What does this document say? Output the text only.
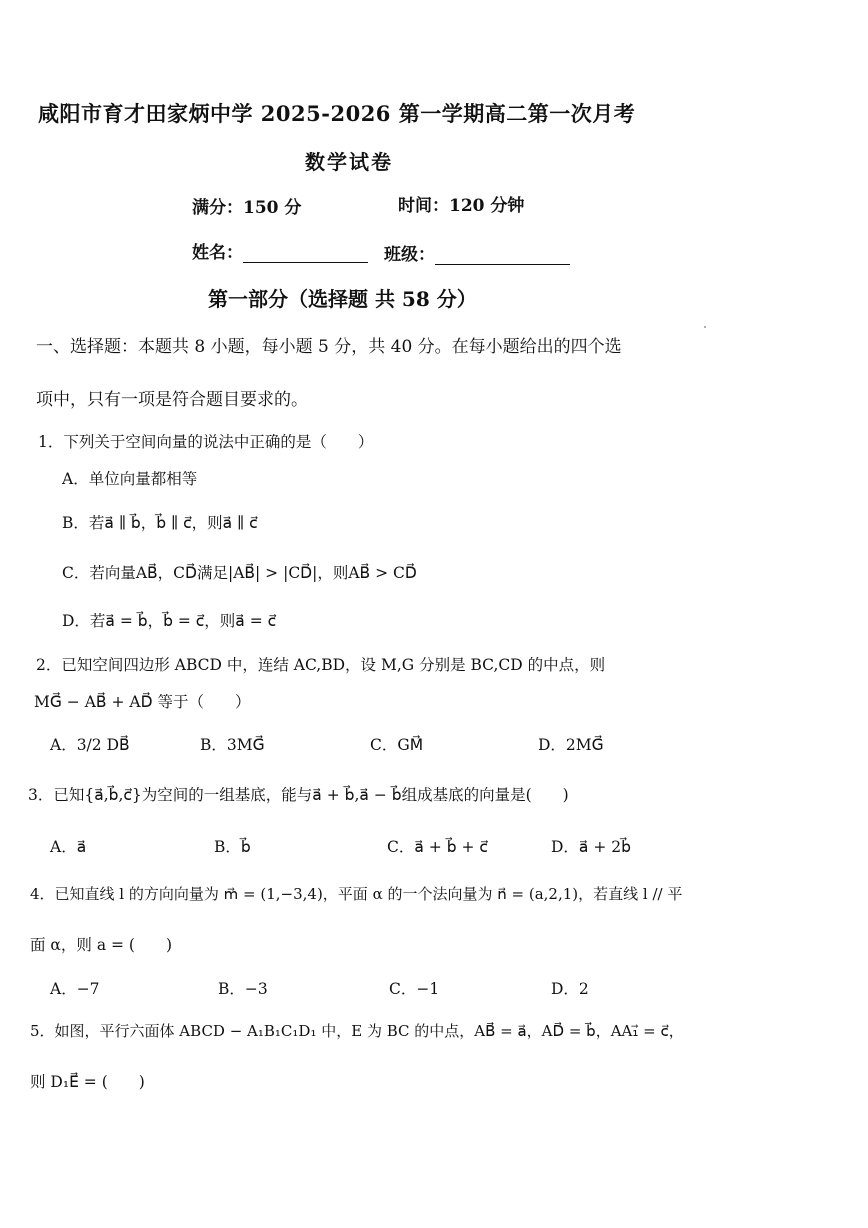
咸阳市育才田家炳中学 2025-2026 第一学期高二第一次月考
数学试卷
满分：150 分	时间：120 分钟
姓名：	班级：
第一部分（选择题 共 58 分）
一、选择题：本题共 8 小题，每小题 5 分，共 40 分。在每小题给出的四个选
项中，只有一项是符合题目要求的。
1．下列关于空间向量的说法中正确的是（　　）
A．单位向量都相等
B．若a⃗ ∥ b⃗，b⃗ ∥ c⃗，则a⃗ ∥ c⃗
C．若向量AB⃗，CD⃗满足|AB⃗| > |CD⃗|，则AB⃗ > CD⃗
D．若a⃗ = b⃗，b⃗ = c⃗，则a⃗ = c⃗
2．已知空间四边形 ABCD 中，连结 AC,BD，设 M,G 分别是 BC,CD 的中点，则
MG⃗ − AB⃗ + AD⃗ 等于（　　）
A．3/2 DB⃗	B．3MG⃗	C．GM⃗	D．2MG⃗
3．已知{a⃗,b⃗,c⃗}为空间的一组基底，能与a⃗ + b⃗,a⃗ − b⃗组成基底的向量是(　　)
A．a⃗	B．b⃗	C．a⃗ + b⃗ + c⃗	D．a⃗ + 2b⃗
4．已知直线 l 的方向向量为 m⃗ = (1,−3,4)，平面 α 的一个法向量为 n⃗ = (a,2,1)，若直线 l // 平
面 α，则 a = (　　)
A．−7	B．−3	C．−1	D．2
5．如图，平行六面体 ABCD − A₁B₁C₁D₁ 中，E 为 BC 的中点，AB⃗ = a⃗，AD⃗ = b⃗，AA₁⃗ = c⃗，
则 D₁E⃗ = (　　)
